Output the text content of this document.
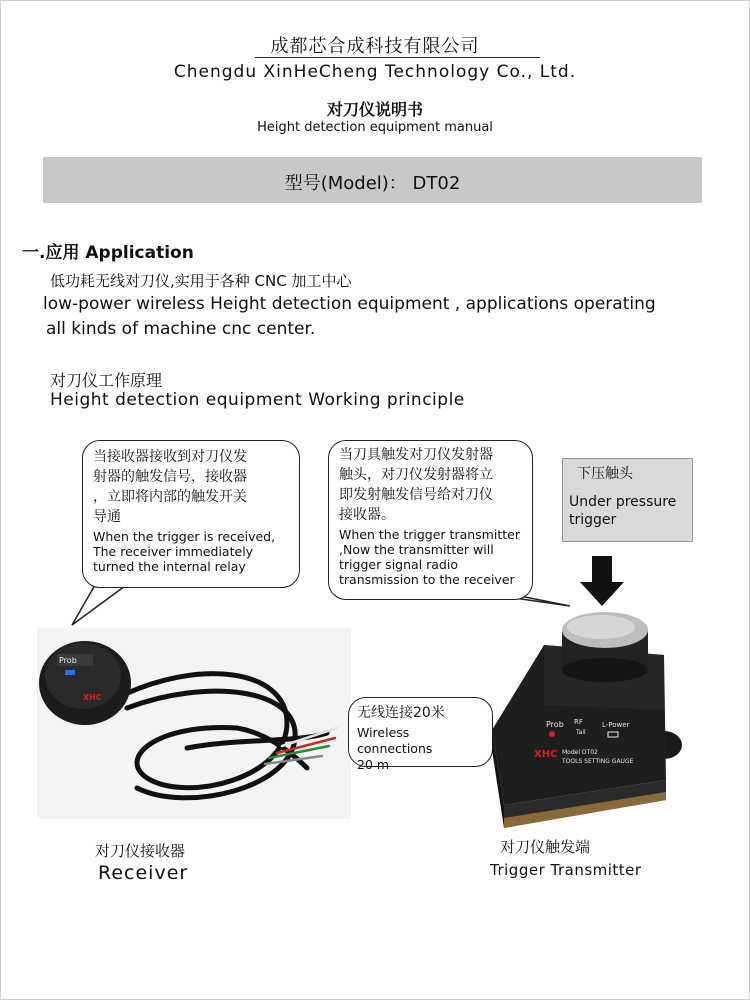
成都芯合成科技有限公司
Chengdu XinHeCheng Technology Co., Ltd.
对刀仪说明书
Height detection equipment manual
型号(Model)： DT02
一.应用 Application
低功耗无线对刀仪,实用于各种 CNC 加工中心
low-power wireless Height detection equipment , applications operating
all kinds of machine cnc center.
对刀仪工作原理
Height detection equipment Working principle
当接收器接收到对刀仪发
射器的触发信号，接收器
，立即将内部的触发开关
导通
When the trigger is received,
The receiver immediately
turned the internal relay
当刀具触发对刀仪发射器
触头，对刀仪发射器将立
即发射触发信号给对刀仪
接收器。
When the trigger transmitter
,Now the transmitter will
trigger signal radio
transmission to the receiver
下压触头
Under pressure
trigger
Prob
XHC
无线连接20米
Wireless connections
20 m
Prob RF
Tail
L-Power
XHC Model DT02
TOOLS SETTING GAUGE
对刀仪接收器
Receiver
对刀仪触发端
Trigger Transmitter
